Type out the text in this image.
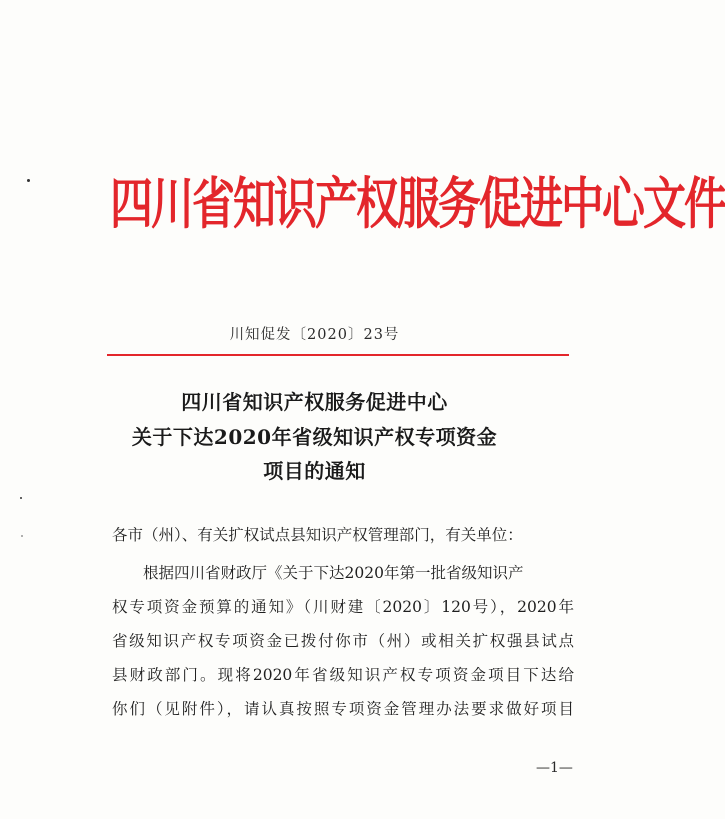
四川省知识产权服务促进中心文件
川知促发〔2020〕23号
四川省知识产权服务促进中心
关于下达2020年省级知识产权专项资金
项目的通知
各市（州）、有关扩权试点县知识产权管理部门，有关单位：
根据四川省财政厅《关于下达2020年第一批省级知识产
权专项资金预算的通知》（川财建〔2020〕120号），2020年
省级知识产权专项资金已拨付你市（州）或相关扩权强县试点
县财政部门。现将2020年省级知识产权专项资金项目下达给
你们（见附件），请认真按照专项资金管理办法要求做好项目
—1—
